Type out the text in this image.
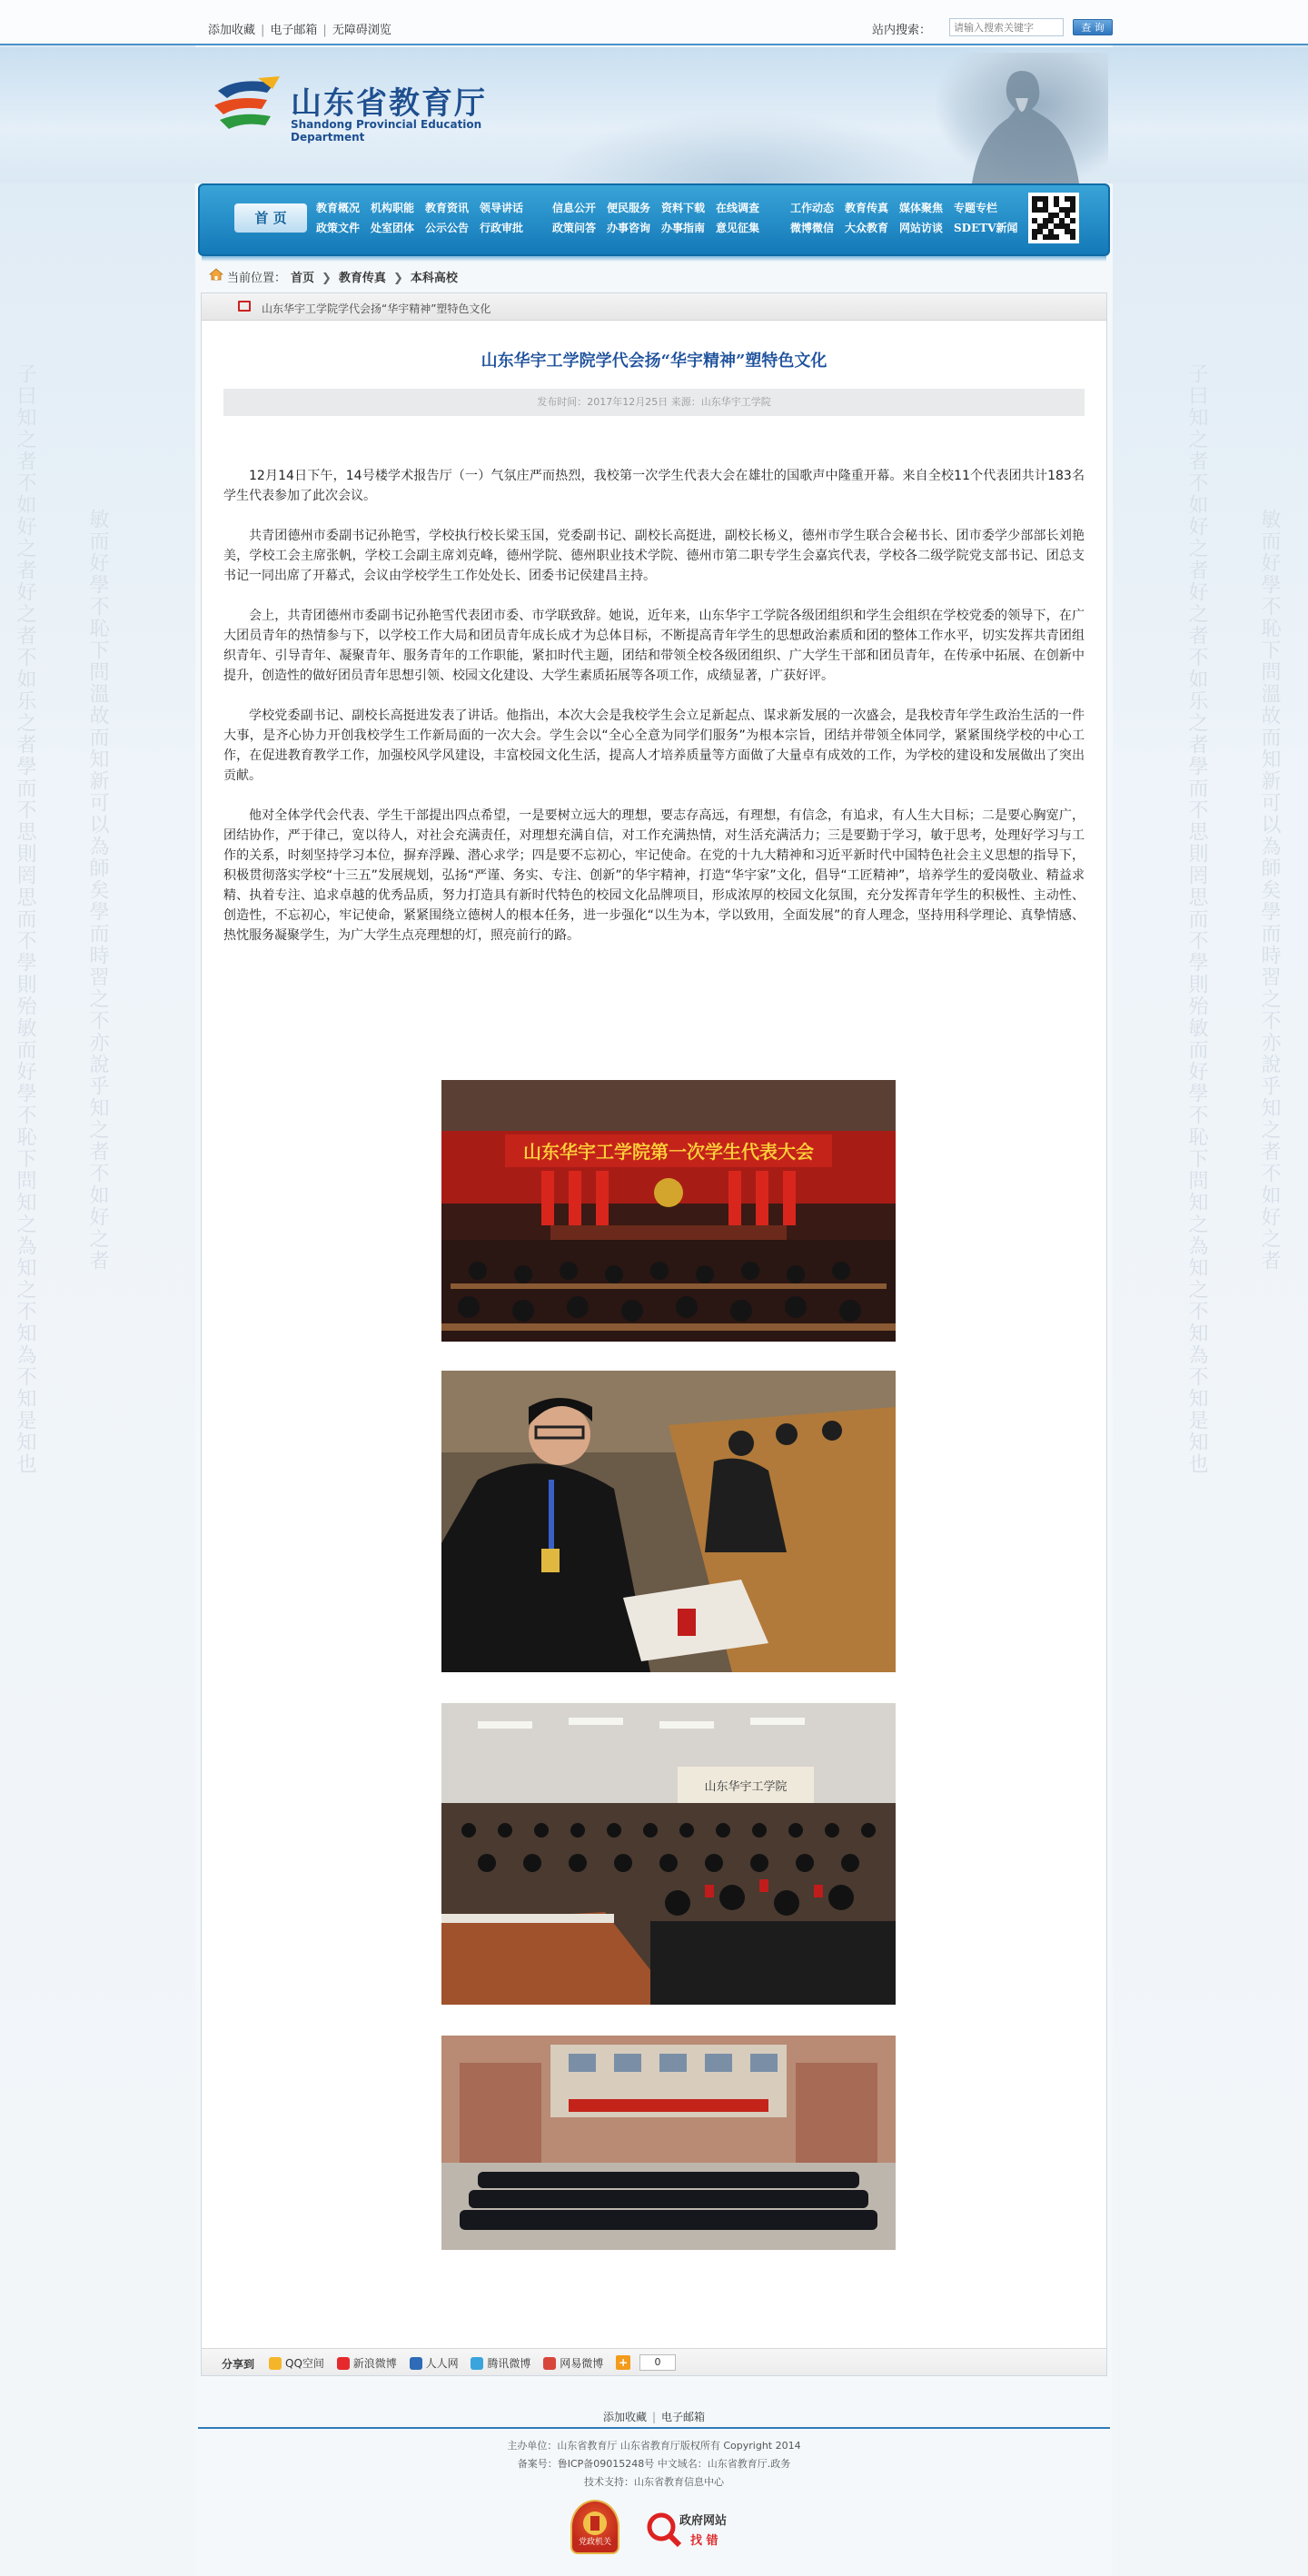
子曰知之者不如好之者好之者不如乐之者學而不思則罔思而不學則殆敏而好學不恥下問知之為知之不知為不知是知也	敏而好學不恥下問溫故而知新可以為師矣學而時習之不亦說乎知之者不如好之者	子曰知之者不如好之者好之者不如乐之者學而不思則罔思而不學則殆敏而好學不恥下問知之為知之不知為不知是知也	敏而好學不恥下問溫故而知新可以為師矣學而時習之不亦說乎知之者不如好之者
添加收藏 | 电子邮箱 | 无障碍浏览	站内搜索：
请输入搜索关键字	查 询
山东省教育厅
Shandong Provincial Education Department
首 页
教育概况 机构职能 教育资讯 领导讲话
政策文件 处室团体 公示公告 行政审批
信息公开 便民服务 资料下载 在线调查
政策问答 办事咨询 办事指南 意见征集
工作动态 教育传真 媒体聚焦 专题专栏
微博微信 大众教育 网站访谈 SDETV新闻
当前位置： 首页 ❯ 教育传真 ❯ 本科高校
山东华宇工学院学代会扬“华宇精神”塑特色文化
山东华宇工学院学代会扬“华宇精神”塑特色文化
发布时间：2017年12月25日 来源：山东华宇工学院

12月14日下午，14号楼学术报告厅（一）气氛庄严而热烈，我校第一次学生代表大会在雄壮的国歌声中隆重开幕。来自全校11个代表团共计183名学生代表参加了此次会议。

共青团德州市委副书记孙艳雪，学校执行校长梁玉国，党委副书记、副校长高挺进，副校长杨义，德州市学生联合会秘书长、团市委学少部部长刘艳美，学校工会主席张帆，学校工会副主席刘克峰，德州学院、德州职业技术学院、德州市第二职专学生会嘉宾代表，学校各二级学院党支部书记、团总支书记一同出席了开幕式，会议由学校学生工作处处长、团委书记侯建昌主持。

会上，共青团德州市委副书记孙艳雪代表团市委、市学联致辞。她说，近年来，山东华宇工学院各级团组织和学生会组织在学校党委的领导下，在广大团员青年的热情参与下，以学校工作大局和团员青年成长成才为总体目标，不断提高青年学生的思想政治素质和团的整体工作水平，切实发挥共青团组织青年、引导青年、凝聚青年、服务青年的工作职能，紧扣时代主题，团结和带领全校各级团组织、广大学生干部和团员青年，在传承中拓展、在创新中提升，创造性的做好团员青年思想引领、校园文化建设、大学生素质拓展等各项工作，成绩显著，广获好评。

学校党委副书记、副校长高挺进发表了讲话。他指出，本次大会是我校学生会立足新起点、谋求新发展的一次盛会，是我校青年学生政治生活的一件大事，是齐心协力开创我校学生工作新局面的一次大会。学生会以“全心全意为同学们服务”为根本宗旨，团结并带领全体同学，紧紧围绕学校的中心工作，在促进教育教学工作，加强校风学风建设，丰富校园文化生活，提高人才培养质量等方面做了大量卓有成效的工作，为学校的建设和发展做出了突出贡献。

他对全体学代会代表、学生干部提出四点希望，一是要树立远大的理想，要志存高远，有理想，有信念，有追求，有人生大目标；二是要心胸宽广，团结协作，严于律己，宽以待人，对社会充满责任，对理想充满自信，对工作充满热情，对生活充满活力；三是要勤于学习，敏于思考，处理好学习与工作的关系，时刻坚持学习本位，摒弃浮躁、潜心求学；四是要不忘初心，牢记使命。在党的十九大精神和习近平新时代中国特色社会主义思想的指导下，积极贯彻落实学校“十三五”发展规划，弘扬“严谨、务实、专注、创新”的华宇精神，打造“华宇家”文化，倡导“工匠精神”，培养学生的爱岗敬业、精益求精、执着专注、追求卓越的优秀品质，努力打造具有新时代特色的校园文化品牌项目，形成浓厚的校园文化氛围，充分发挥青年学生的积极性、主动性、创造性，不忘初心，牢记使命，紧紧围绕立德树人的根本任务，进一步强化“以生为本，学以致用，全面发展”的育人理念，坚持用科学理论、真挚情感、热忱服务凝聚学生，为广大学生点亮理想的灯，照亮前行的路。

山东华宇工学院第一次学生代表大会
山东华宇工学院
分享到	QQ空间	新浪微博	人人网	腾讯微博	网易微博 +	0
添加收藏 | 电子邮箱
主办单位：山东省教育厅 山东省教育厅版权所有 Copyright 2014
备案号：鲁ICP备09015248号 中文域名：山东省教育厅.政务
技术支持：山东省教育信息中心
党政机关
政府网站
找 错
